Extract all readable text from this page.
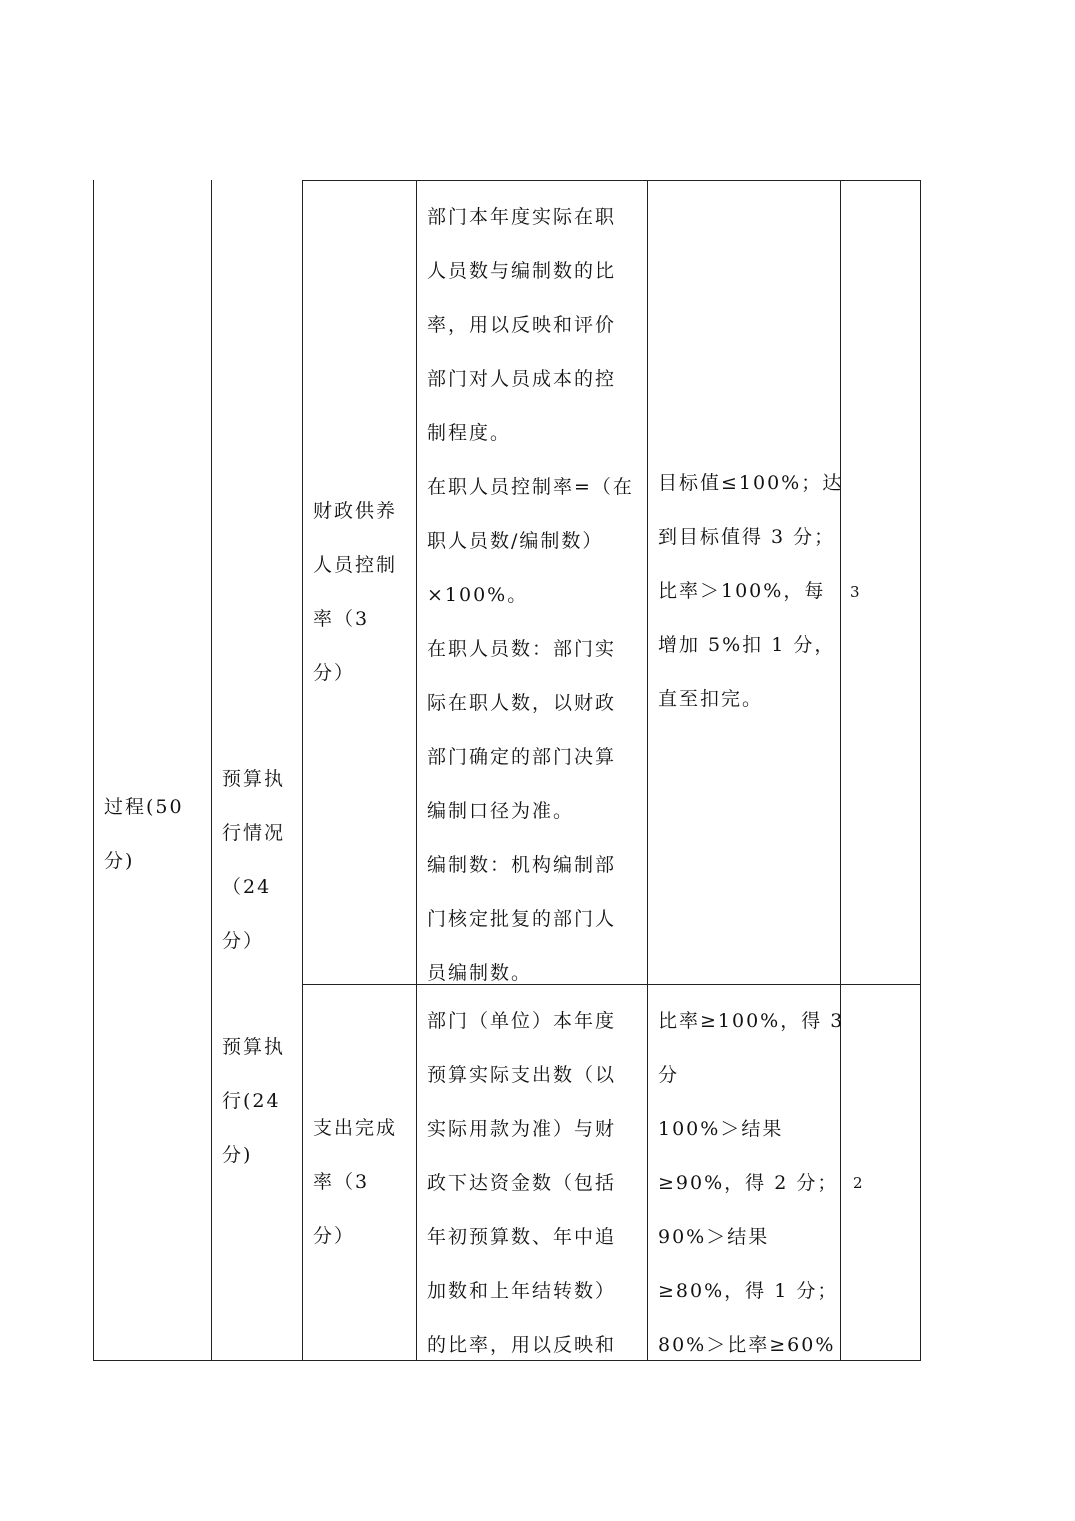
过程(50
分)
预算执
行情况
（24
分）
预算执
行(24
分)
财政供养
人员控制
率（3
分）
部门本年度实际在职
人员数与编制数的比
率，用以反映和评价
部门对人员成本的控
制程度。
在职人员控制率=（在
职人员数/编制数）
×100%。
在职人员数：部门实
际在职人数，以财政
部门确定的部门决算
编制口径为准。
编制数：机构编制部
门核定批复的部门人
员编制数。
目标值≤100%；达
到目标值得 3 分；
比率＞100%，每
增加 5%扣 1 分，
直至扣完。
3
支出完成
率（3
分）
部门（单位）本年度
预算实际支出数（以
实际用款为准）与财
政下达资金数（包括
年初预算数、年中追
加数和上年结转数）
的比率，用以反映和
比率≥100%，得 3
分
100%＞结果
≥90%，得 2 分；
90%＞结果
≥80%，得 1 分；
80%＞比率≥60%
2
